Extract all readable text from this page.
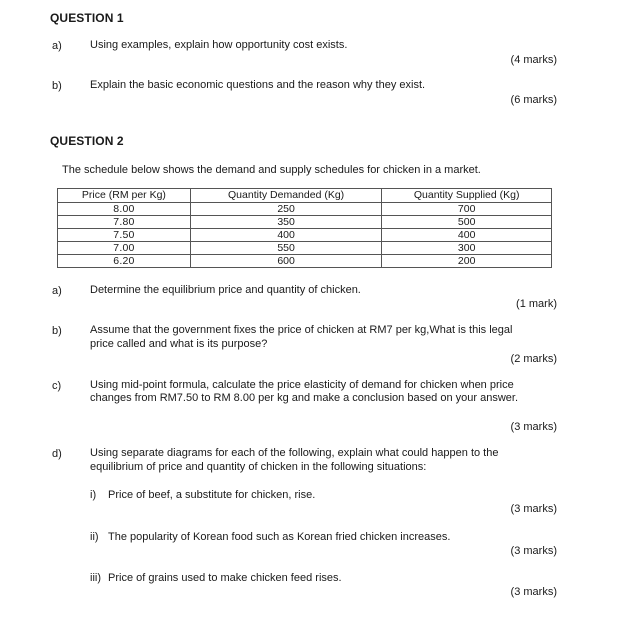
QUESTION 1
a)	Using examples, explain how opportunity cost exists.
(4 marks)
b)	Explain the basic economic questions and the reason why they exist.
(6 marks)
QUESTION 2
The schedule below shows the demand and supply schedules for chicken in a market.
Price (RM per Kg)	Quantity Demanded (Kg)	Quantity Supplied (Kg)
8.00	250	700
7.80	350	500
7.50	400	400
7.00	550	300
6.20	600	200
a)	Determine the equilibrium price and quantity of chicken.
(1 mark)
b)	Assume that the government fixes the price of chicken at RM7 per kg,What is this legal
price called and what is its purpose?
(2 marks)
c)	Using mid-point formula, calculate the price elasticity of demand for chicken when price
changes from RM7.50 to RM 8.00 per kg and make a conclusion based on your answer.
(3 marks)
d)	Using separate diagrams for each of the following, explain what could happen to the
equilibrium of price and quantity of chicken in the following situations:
i) Price of beef, a substitute for chicken, rise.
(3 marks)
ii) The popularity of Korean food such as Korean fried chicken increases.
(3 marks)
iii) Price of grains used to make chicken feed rises.
(3 marks)
